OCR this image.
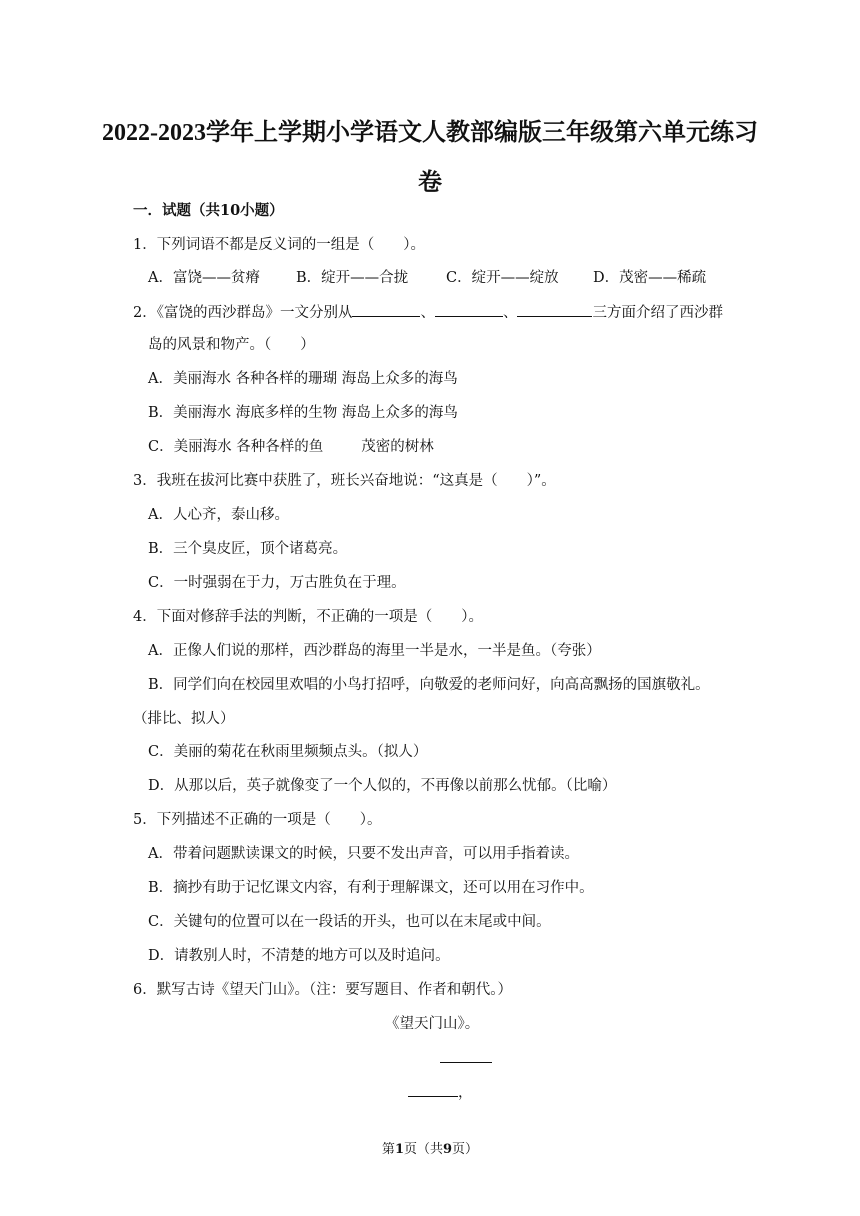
2022-2023学年上学期小学语文人教部编版三年级第六单元练习
卷
一．试题（共10小题）
1．下列词语不都是反义词的一组是（　　）。
A．富饶——贫瘠 B．绽开——合拢	C．绽开——绽放 D．茂密——稀疏
2．《富饶的西沙群岛》一文分别从	、	、	三方面介绍了西沙群
岛的风景和物产。（　　）
A．美丽海水 各种各样的珊瑚 海岛上众多的海鸟
B．美丽海水 海底多样的生物 海岛上众多的海鸟
C．美丽海水 各种各样的鱼	茂密的树林
3．我班在拔河比赛中获胜了，班长兴奋地说：“这真是（　　）”。
A．人心齐，泰山移。
B．三个臭皮匠，顶个诸葛亮。
C．一时强弱在于力，万古胜负在于理。
4．下面对修辞手法的判断，不正确的一项是（　　）。
A．正像人们说的那样，西沙群岛的海里一半是水，一半是鱼。（夸张）
B．同学们向在校园里欢唱的小鸟打招呼，向敬爱的老师问好，向高高飘扬的国旗敬礼。
（排比、拟人）
C．美丽的菊花在秋雨里频频点头。（拟人）
D．从那以后，英子就像变了一个人似的，不再像以前那么忧郁。（比喻）
5．下列描述不正确的一项是（　　）。
A．带着问题默读课文的时候，只要不发出声音，可以用手指着读。
B．摘抄有助于记忆课文内容，有利于理解课文，还可以用在习作中。
C．关键句的位置可以在一段话的开头，也可以在末尾或中间。
D．请教别人时，不清楚的地方可以及时追问。
6．默写古诗《望天门山》。（注：要写题目、作者和朝代。）
《望天门山》。
，
第1页（共9页）
